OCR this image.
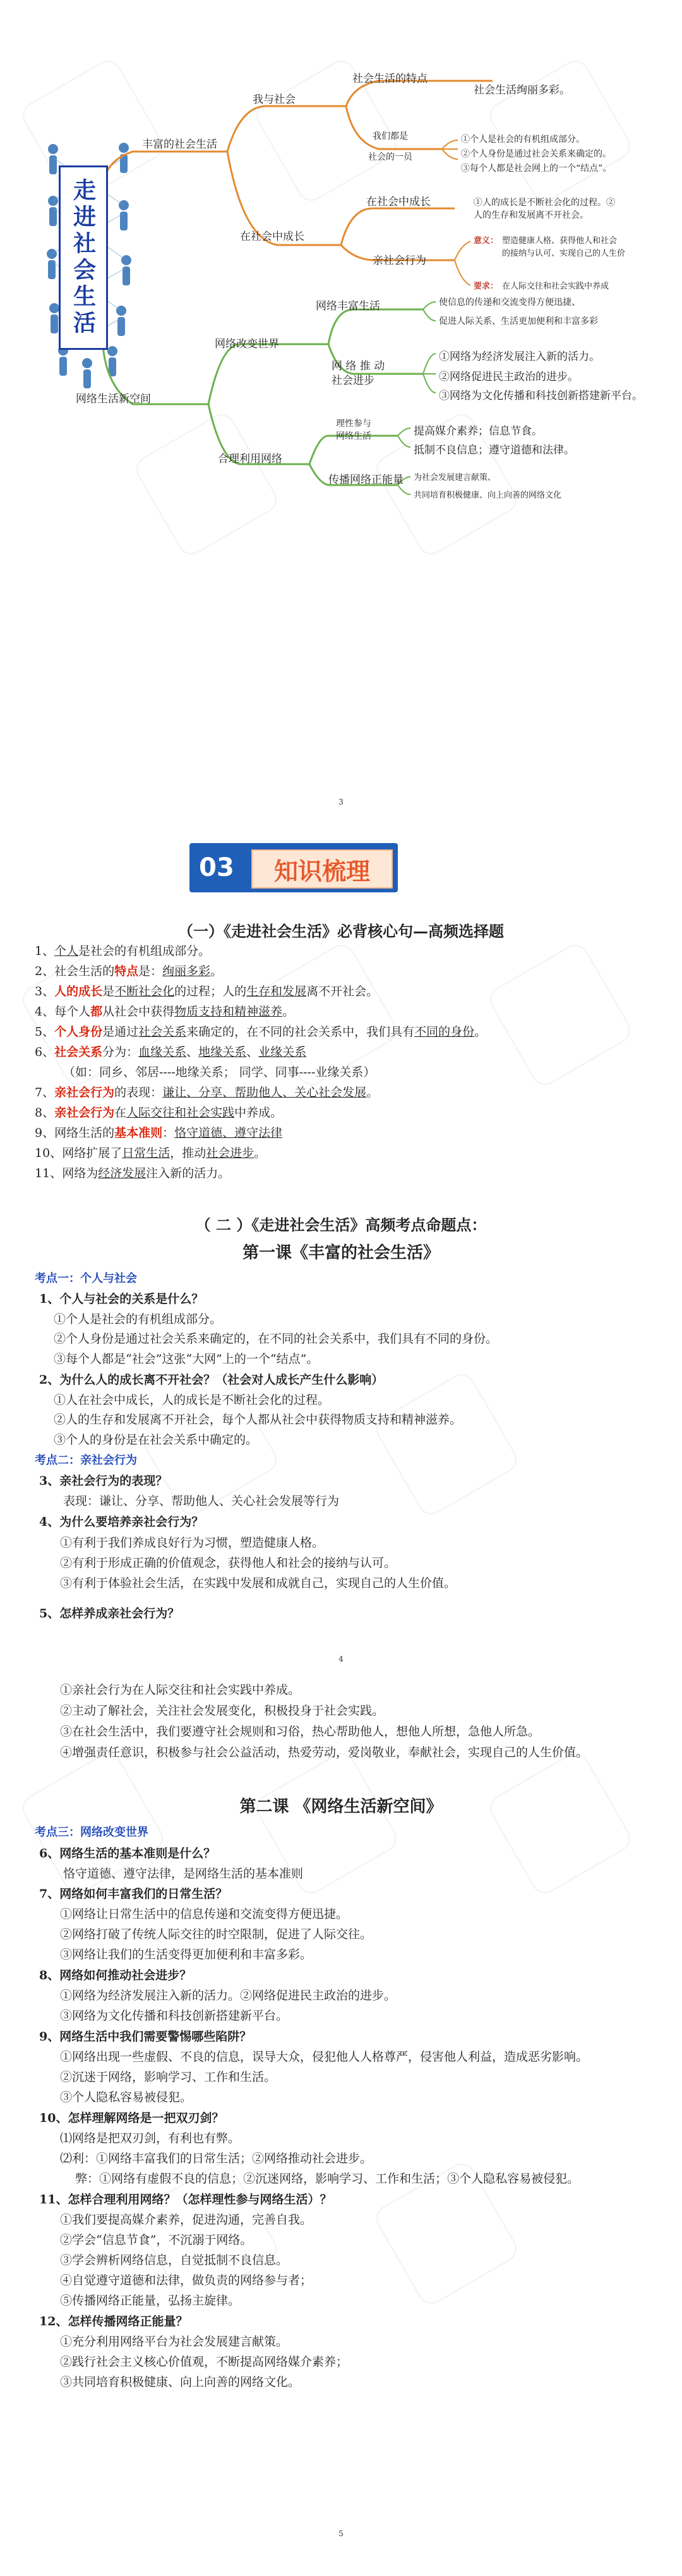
走进社会生活
丰富的社会生活
我与社会
社会生活的特点
社会生活绚丽多彩。
我们都是
社会的一员
①个人是社会的有机组成部分。
②个人身份是通过社会关系来确定的。
③每个人都是社会网上的一个“结点”。
在社会中成长
在社会中成长	①人的成长是不断社会化的过程。②
人的生存和发展离不开社会。
亲社会行为
意义： 塑造健康人格、获得他人和社会
的接纳与认可、实现自己的人生价
要求： 在人际交往和社会实践中养成
网络生活新空间
网络改变世界
网络丰富生活	使信息的传递和交流变得方便迅捷、
促进人际关系、生活更加便利和丰富多彩
网 络 推 动
社会进步
①网络为经济发展注入新的活力。
②网络促进民主政治的进步。
③网络为文化传播和科技创新搭建新平台。
合理利用网络
理性参与
网络生活	提高媒介素养；信息节食。
抵制不良信息；遵守道德和法律。
传播网络正能量 为社会发展建言献策、
共同培育积极健康、向上向善的网络文化
3
03	知识梳理
（一）《走进社会生活》必背核心句—高频选择题
1、个人是社会的有机组成部分。
2、社会生活的特点是：绚丽多彩。
3、人的成长是不断社会化的过程；人的生存和发展离不开社会。
4、每个人都从社会中获得物质支持和精神滋养。
5、个人身份是通过社会关系来确定的，在不同的社会关系中，我们具有不同的身份。
6、社会关系分为：血缘关系、地缘关系、业缘关系
（如：同乡、邻居----地缘关系； 同学、同事----业缘关系）
7、亲社会行为的表现：谦让、分享、帮助他人、关心社会发展。
8、亲社会行为在人际交往和社会实践中养成。
9、网络生活的基本准则：恪守道德、遵守法律
10、网络扩展了日常生活，推动社会进步。
11、网络为经济发展注入新的活力。
（ 二 ）《走进社会生活》高频考点命题点：
第一课《丰富的社会生活》
考点一：个人与社会
1、个人与社会的关系是什么？
①个人是社会的有机组成部分。
②个人身份是通过社会关系来确定的，在不同的社会关系中，我们具有不同的身份。
③每个人都是“社会”这张“大网”上的一个“结点”。
2、为什么人的成长离不开社会？（社会对人成长产生什么影响）
①人在社会中成长，人的成长是不断社会化的过程。
②人的生存和发展离不开社会，每个人都从社会中获得物质支持和精神滋养。
③个人的身份是在社会关系中确定的。
考点二：亲社会行为
3、亲社会行为的表现？
表现：谦让、分享、帮助他人、关心社会发展等行为
4、为什么要培养亲社会行为？
①有利于我们养成良好行为习惯，塑造健康人格。
②有利于形成正确的价值观念，获得他人和社会的接纳与认可。
③有利于体验社会生活，在实践中发展和成就自己，实现自己的人生价值。
5、怎样养成亲社会行为？
4
①亲社会行为在人际交往和社会实践中养成。
②主动了解社会，关注社会发展变化，积极投身于社会实践。
③在社会生活中，我们要遵守社会规则和习俗，热心帮助他人，想他人所想，急他人所急。
④增强责任意识，积极参与社会公益活动，热爱劳动，爱岗敬业，奉献社会，实现自己的人生价值。
第二课 《网络生活新空间》
考点三：网络改变世界
6、网络生活的基本准则是什么？
恪守道德、遵守法律，是网络生活的基本准则
7、网络如何丰富我们的日常生活？
①网络让日常生活中的信息传递和交流变得方便迅捷。
②网络打破了传统人际交往的时空限制，促进了人际交往。
③网络让我们的生活变得更加便利和丰富多彩。
8、网络如何推动社会进步？
①网络为经济发展注入新的活力。②网络促进民主政治的进步。
③网络为文化传播和科技创新搭建新平台。
9、网络生活中我们需要警惕哪些陷阱？
①网络出现一些虚假、不良的信息，误导大众，侵犯他人人格尊严，侵害他人利益，造成恶劣影响。
②沉迷于网络，影响学习、工作和生活。
③个人隐私容易被侵犯。
10、怎样理解网络是一把双刃剑？
⑴网络是把双刃剑，有利也有弊。
⑵利：①网络丰富我们的日常生活；②网络推动社会进步。
弊：①网络有虚假不良的信息；②沉迷网络，影响学习、工作和生活；③个人隐私容易被侵犯。
11、怎样合理利用网络？（怎样理性参与网络生活）？
①我们要提高媒介素养，促进沟通，完善自我。
②学会“信息节食”，不沉溺于网络。
③学会辨析网络信息，自觉抵制不良信息。
④自觉遵守道德和法律，做负责的网络参与者；
⑤传播网络正能量，弘扬主旋律。
12、怎样传播网络正能量？
①充分利用网络平台为社会发展建言献策。
②践行社会主义核心价值观，不断提高网络媒介素养；
③共同培育积极健康、向上向善的网络文化。
5
